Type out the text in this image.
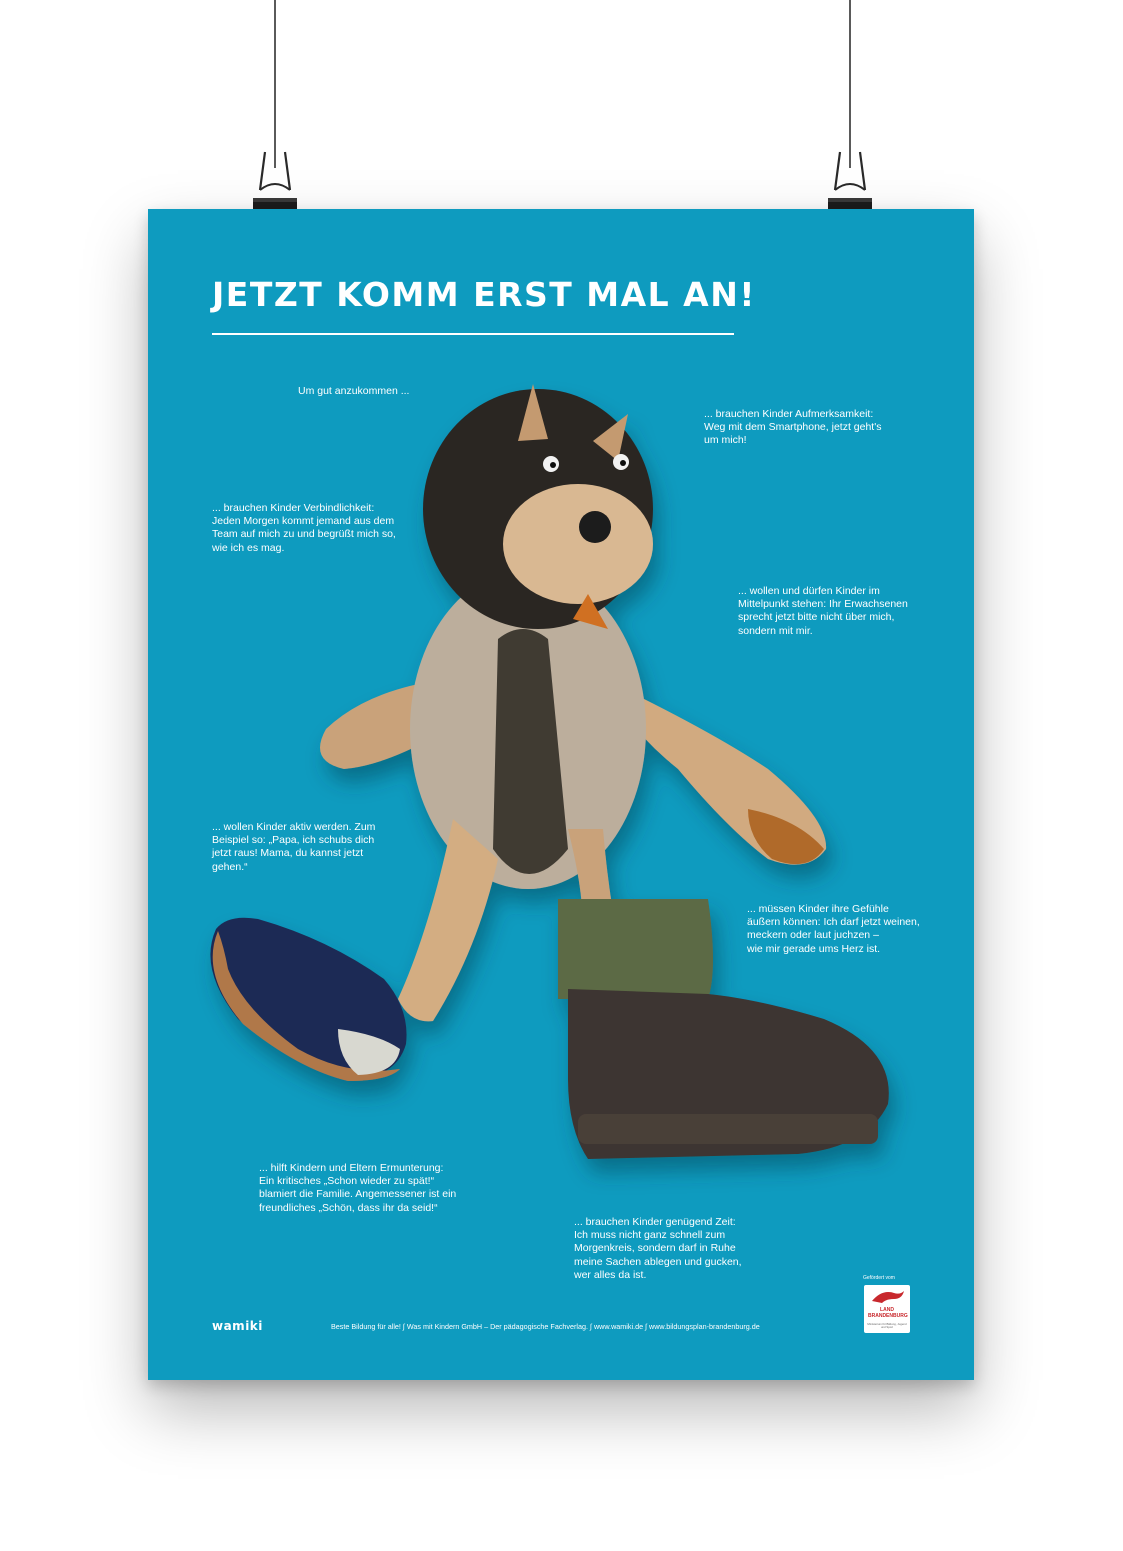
JETZT KOMM ERST MAL AN!
Um gut anzukommen ...
... brauchen Kinder Aufmerksamkeit:
Weg mit dem Smartphone, jetzt geht's
um mich!
... brauchen Kinder Verbindlichkeit:
Jeden Morgen kommt jemand aus dem
Team auf mich zu und begrüßt mich so,
wie ich es mag.
... wollen und dürfen Kinder im
Mittelpunkt stehen: Ihr Erwachsenen
sprecht jetzt bitte nicht über mich,
sondern mit mir.
... wollen Kinder aktiv werden. Zum
Beispiel so: „Papa, ich schubs dich
jetzt raus! Mama, du kannst jetzt
gehen.“
... müssen Kinder ihre Gefühle
äußern können: Ich darf jetzt weinen,
meckern oder laut juchzen –
wie mir gerade ums Herz ist.
... hilft Kindern und Eltern Ermunterung:
Ein kritisches „Schon wieder zu spät!“
blamiert die Familie. Angemessener ist ein
freundliches „Schön, dass ihr da seid!“
... brauchen Kinder genügend Zeit:
Ich muss nicht ganz schnell zum
Morgenkreis, sondern darf in Ruhe
meine Sachen ablegen und gucken,
wer alles da ist.
wamiki	Beste Bildung für alle! ∫ Was mit Kindern GmbH – Der pädagogische Fachverlag. ∫ www.wamiki.de ∫ www.bildungsplan-brandenburg.de
Gefördert vom
LAND
BRANDENBURG
Ministerium für Bildung, Jugend und Sport
